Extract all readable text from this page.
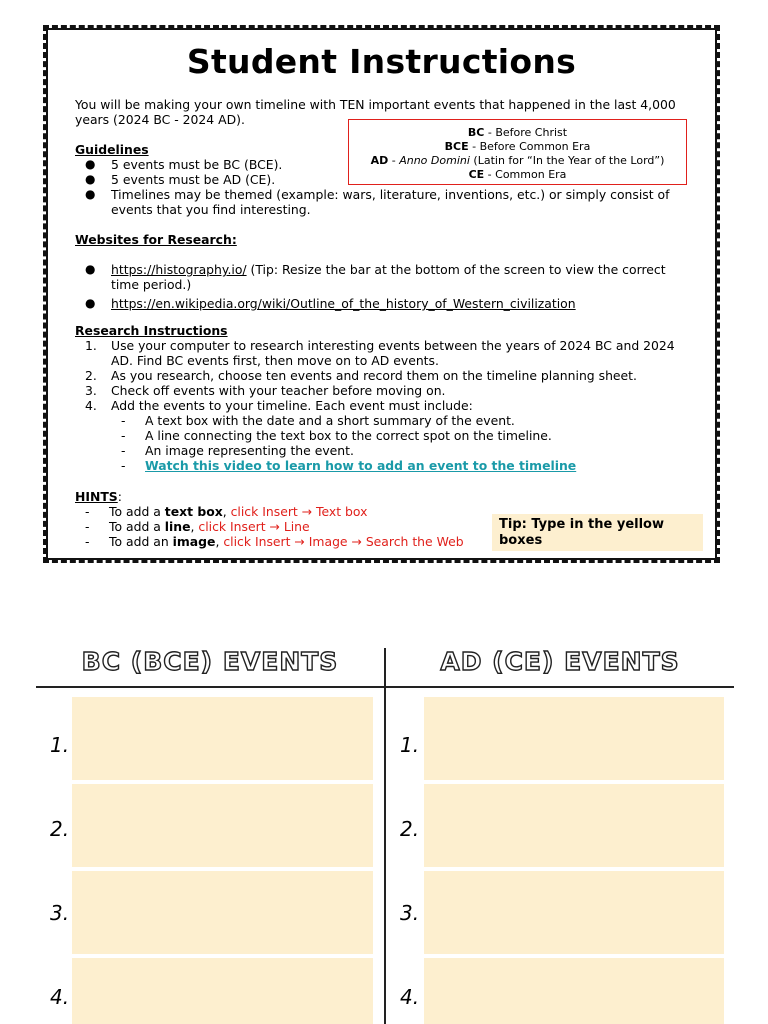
Student Instructions
You will be making your own timeline with TEN important events that happened in the last 4,000 years (2024 BC - 2024 AD).
BC - Before Christ
BCE - Before Common Era
AD - Anno Domini (Latin for “In the Year of the Lord”)
CE - Common Era
Guidelines
● 5 events must be BC (BCE).
● 5 events must be AD (CE).
● Timelines may be themed (example: wars, literature, inventions, etc.) or simply consist of events that you find interesting.
Websites for Research:
● https://histography.io/ (Tip: Resize the bar at the bottom of the screen to view the correct time period.)
● https://en.wikipedia.org/wiki/Outline_of_the_history_of_Western_civilization
Research Instructions
1. Use your computer to research interesting events between the years of 2024 BC and 2024 AD. Find BC events first, then move on to AD events.
2. As you research, choose ten events and record them on the timeline planning sheet.
3. Check off events with your teacher before moving on.
4. Add the events to your timeline. Each event must include:
- A text box with the date and a short summary of the event.
- A line connecting the text box to the correct spot on the timeline.
- An image representing the event.
- Watch this video to learn how to add an event to the timeline
HINTS:
- To add a text box, click Insert → Text box
- To add a line, click Insert → Line
- To add an image, click Insert → Image → Search the Web
Tip: Type in the yellow boxes
BC (BCE) EVENTS	AD (CE) EVENTS
1.
2.
3.
4.
1.
2.
3.
4.
